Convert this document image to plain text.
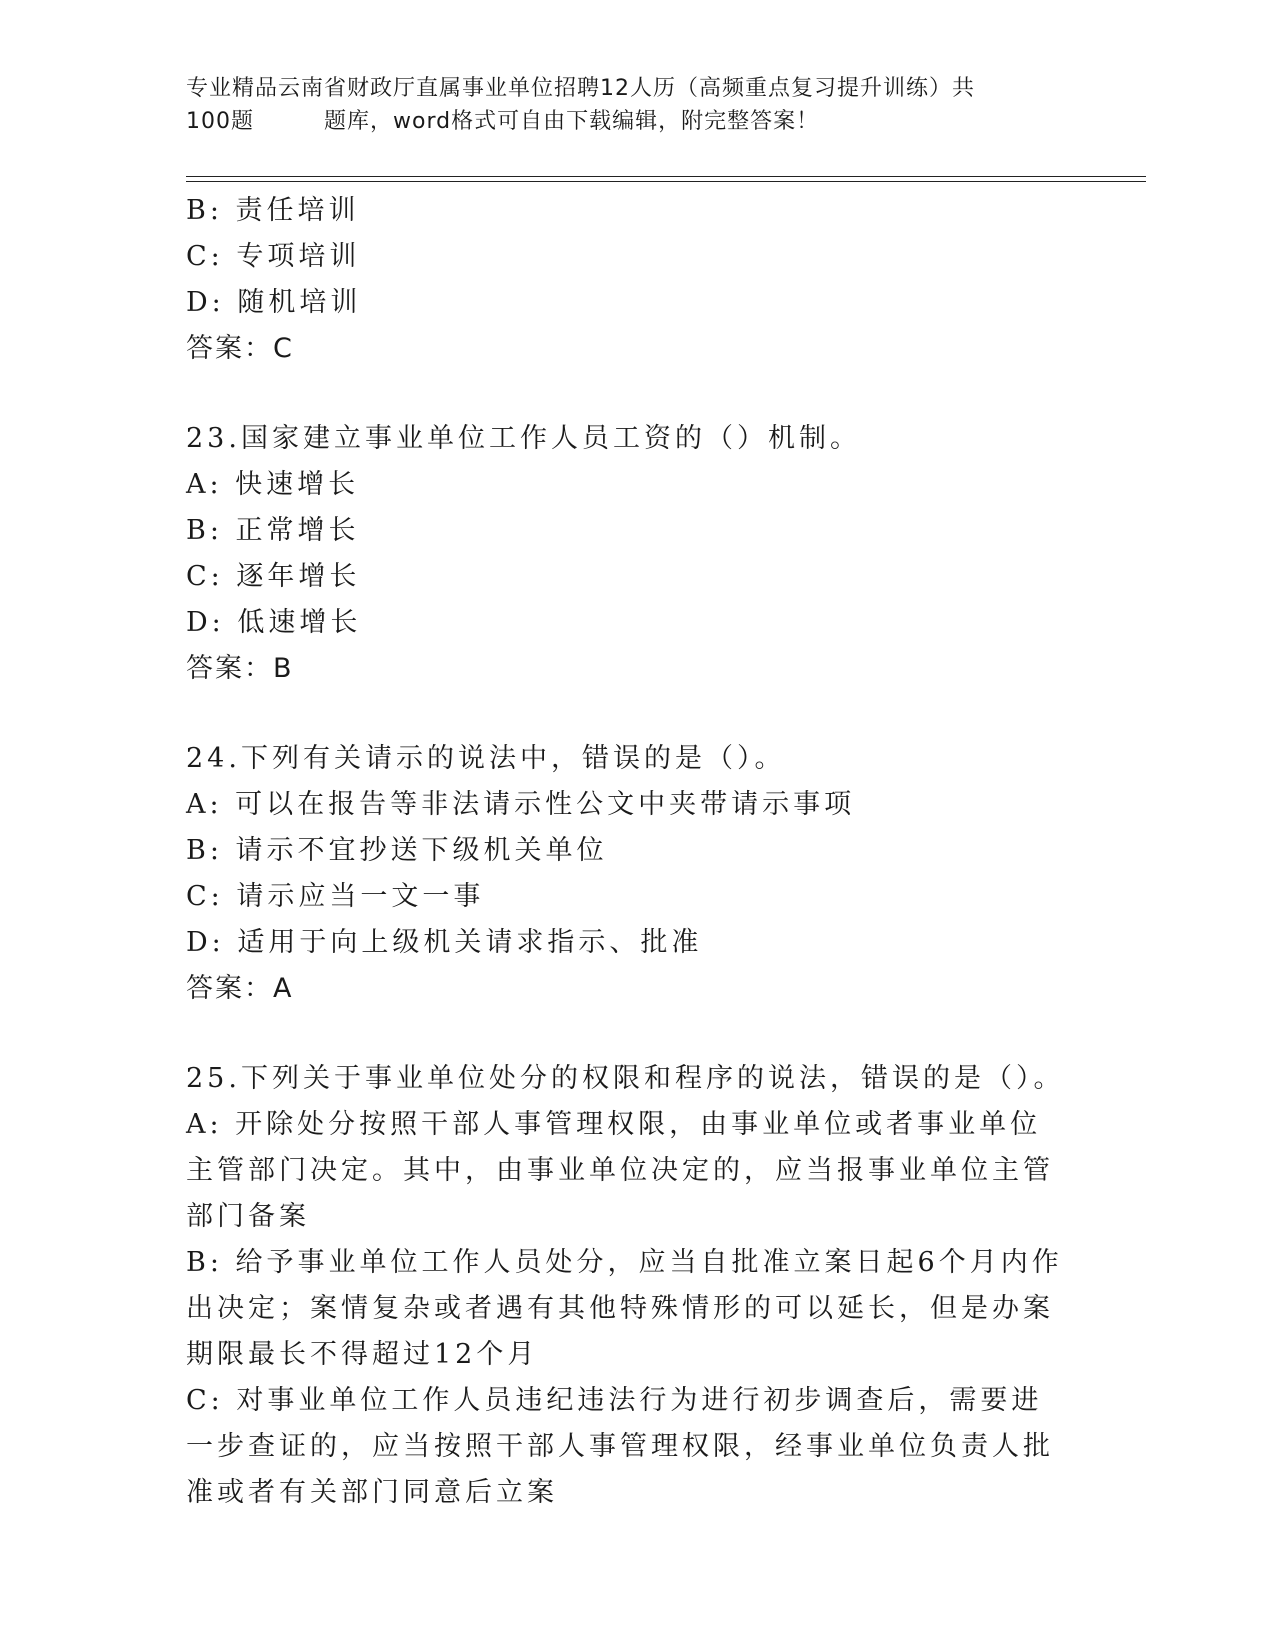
专业精品云南省财政厅直属事业单位招聘12人历（高频重点复习提升训练）共
100题	题库，word格式可自由下载编辑，附完整答案！
B: 责任培训
C: 专项培训
D: 随机培训
答案：C
23.国家建立事业单位工作人员工资的（）机制。
A: 快速增长
B: 正常增长
C: 逐年增长
D: 低速增长
答案：B
24.下列有关请示的说法中，错误的是（）。
A: 可以在报告等非法请示性公文中夹带请示事项
B: 请示不宜抄送下级机关单位
C: 请示应当一文一事
D: 适用于向上级机关请求指示、批准
答案：A
25.下列关于事业单位处分的权限和程序的说法，错误的是（）。
A: 开除处分按照干部人事管理权限，由事业单位或者事业单位主管部门决定。其中，由事业单位决定的，应当报事业单位主管部门备案
B: 给予事业单位工作人员处分，应当自批准立案日起6个月内作出决定；案情复杂或者遇有其他特殊情形的可以延长，但是办案期限最长不得超过12个月
C: 对事业单位工作人员违纪违法行为进行初步调查后，需要进一步查证的，应当按照干部人事管理权限，经事业单位负责人批准或者有关部门同意后立案
